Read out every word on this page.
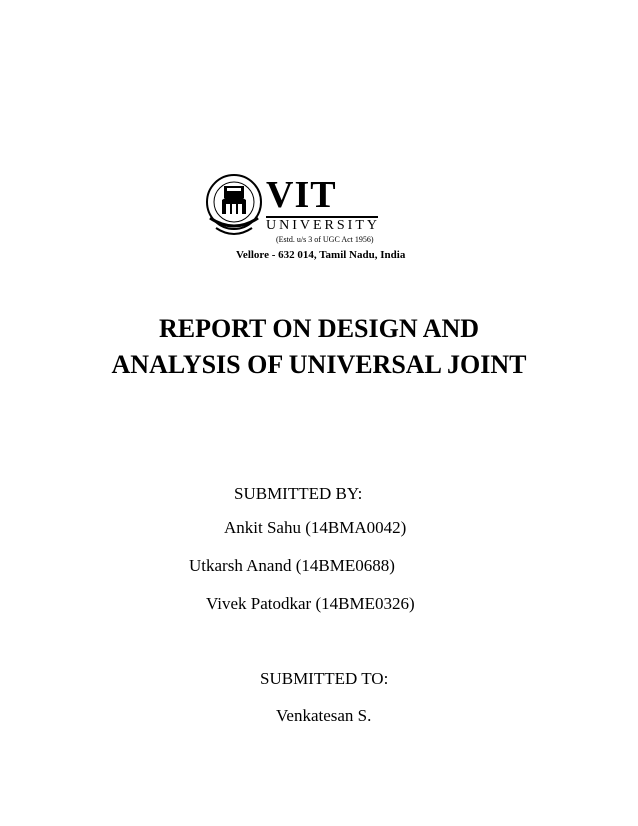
VIT
UNIVERSITY
(Estd. u/s 3 of UGC Act 1956)
Vellore - 632 014, Tamil Nadu, India
REPORT ON DESIGN AND ANALYSIS OF UNIVERSAL JOINT
SUBMITTED BY:
Ankit Sahu (14BMA0042)
Utkarsh Anand (14BME0688)
Vivek Patodkar (14BME0326)
SUBMITTED TO:
Venkatesan S.
